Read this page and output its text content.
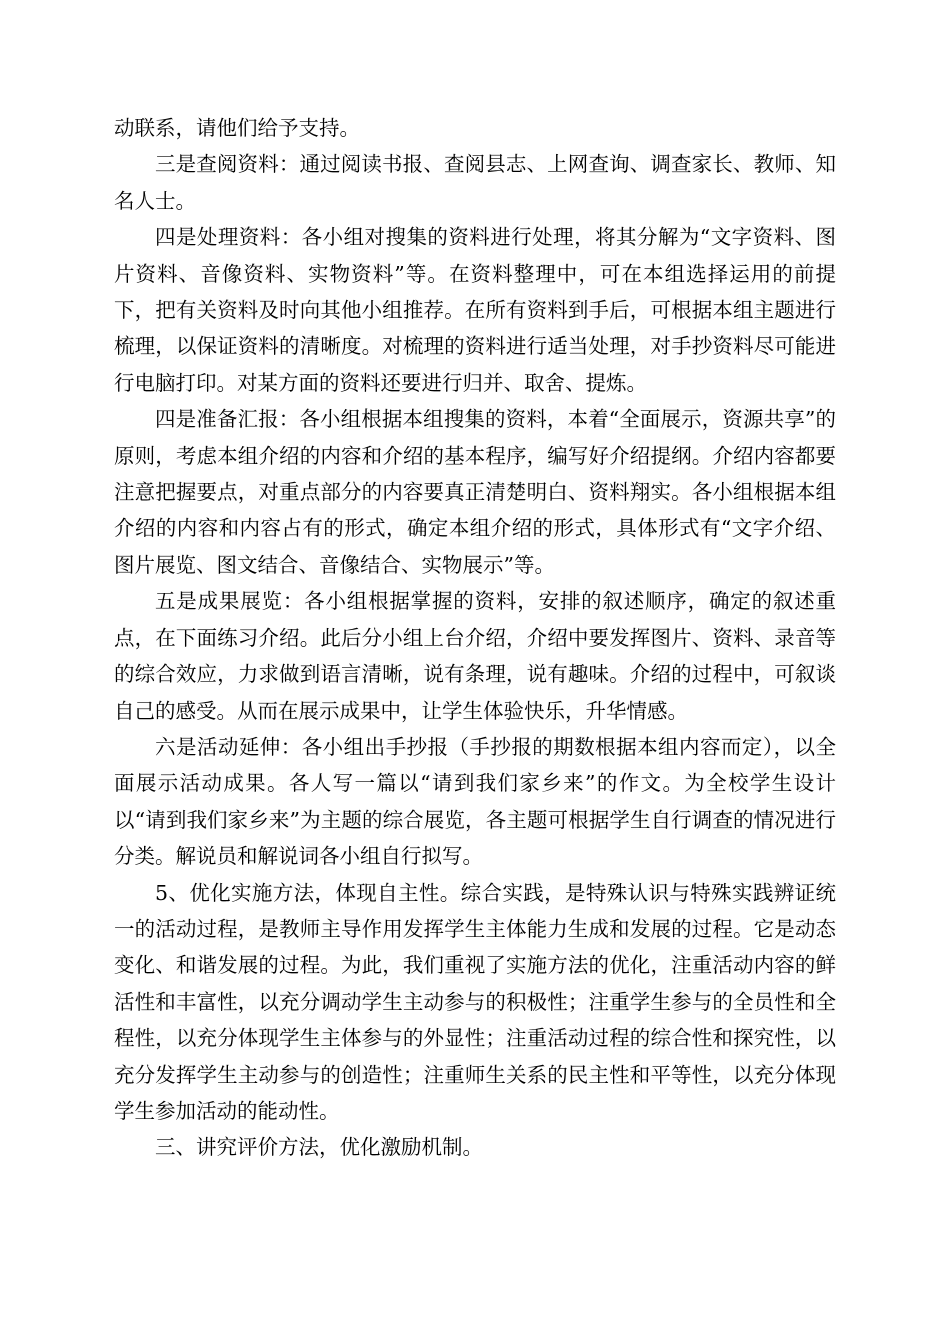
动联系，请他们给予支持。

三是查阅资料：通过阅读书报、查阅县志、上网查询、调查家长、教师、知名人士。

四是处理资料：各小组对搜集的资料进行处理，将其分解为“文字资料、图片资料、音像资料、实物资料”等。在资料整理中，可在本组选择运用的前提下，把有关资料及时向其他小组推荐。在所有资料到手后，可根据本组主题进行梳理，以保证资料的清晰度。对梳理的资料进行适当处理，对手抄资料尽可能进行电脑打印。对某方面的资料还要进行归并、取舍、提炼。

四是准备汇报：各小组根据本组搜集的资料，本着“全面展示，资源共享”的原则，考虑本组介绍的内容和介绍的基本程序，编写好介绍提纲。介绍内容都要注意把握要点，对重点部分的内容要真正清楚明白、资料翔实。各小组根据本组介绍的内容和内容占有的形式，确定本组介绍的形式，具体形式有“文字介绍、图片展览、图文结合、音像结合、实物展示”等。

五是成果展览：各小组根据掌握的资料，安排的叙述顺序，确定的叙述重点，在下面练习介绍。此后分小组上台介绍，介绍中要发挥图片、资料、录音等的综合效应，力求做到语言清晰，说有条理，说有趣味。介绍的过程中，可叙谈自己的感受。从而在展示成果中，让学生体验快乐，升华情感。

六是活动延伸：各小组出手抄报（手抄报的期数根据本组内容而定），以全面展示活动成果。各人写一篇以“请到我们家乡来”的作文。为全校学生设计以“请到我们家乡来”为主题的综合展览，各主题可根据学生自行调查的情况进行分类。解说员和解说词各小组自行拟写。

5、优化实施方法，体现自主性。综合实践，是特殊认识与特殊实践辨证统一的活动过程，是教师主导作用发挥学生主体能力生成和发展的过程。它是动态变化、和谐发展的过程。为此，我们重视了实施方法的优化，注重活动内容的鲜活性和丰富性，以充分调动学生主动参与的积极性；注重学生参与的全员性和全程性，以充分体现学生主体参与的外显性；注重活动过程的综合性和探究性，以充分发挥学生主动参与的创造性；注重师生关系的民主性和平等性，以充分体现学生参加活动的能动性。

三、讲究评价方法，优化激励机制。
